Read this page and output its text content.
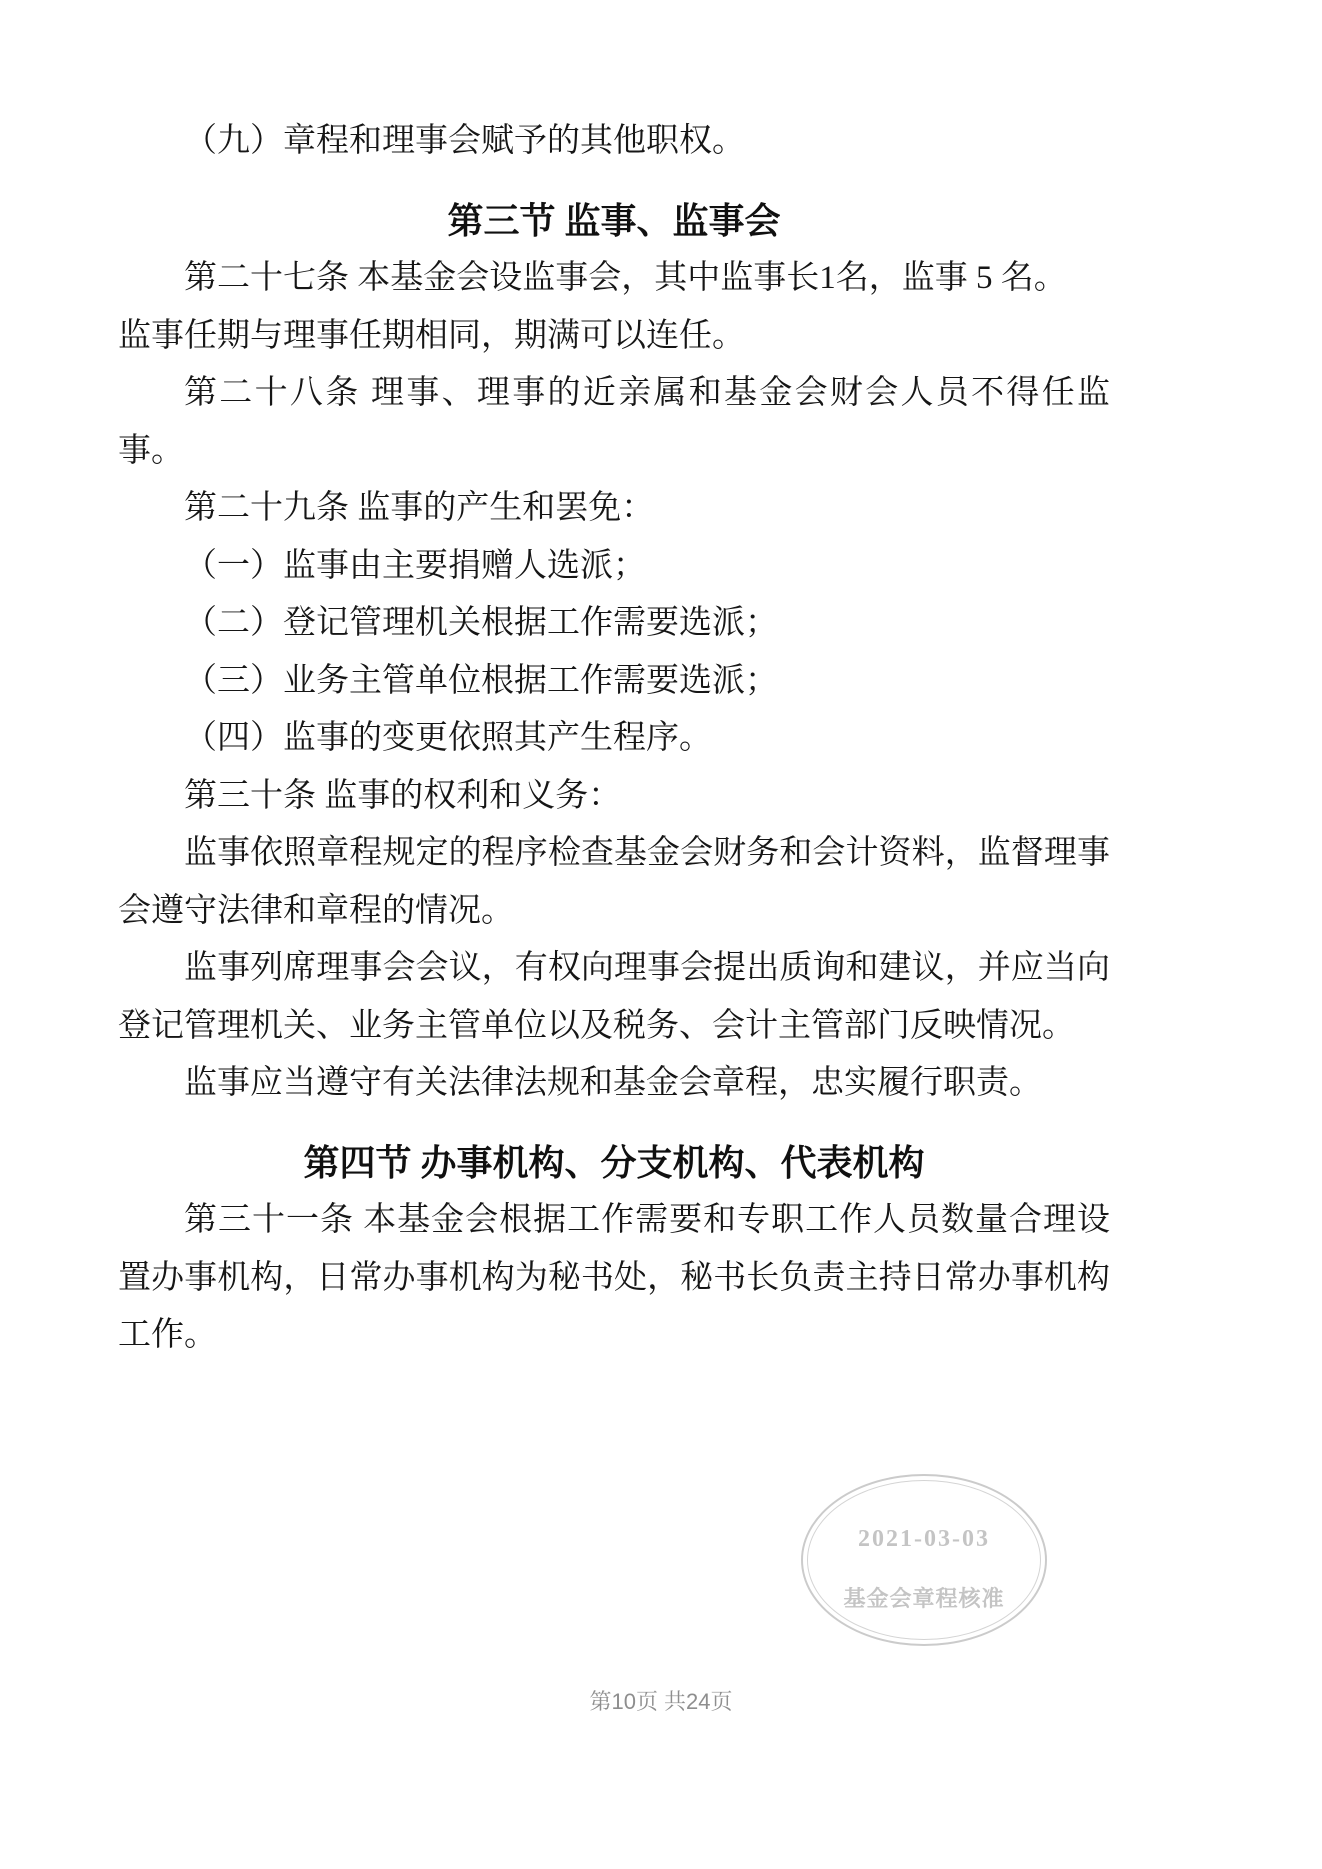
（九）章程和理事会赋予的其他职权。
第三节 监事、监事会
第二十七条 本基金会设监事会，其中监事长1名，监事 5 名。
监事任期与理事任期相同，期满可以连任。
第二十八条 理事、理事的近亲属和基金会财会人员不得任监
事。
第二十九条 监事的产生和罢免：
（一）监事由主要捐赠人选派；
（二）登记管理机关根据工作需要选派；
（三）业务主管单位根据工作需要选派；
（四）监事的变更依照其产生程序。
第三十条 监事的权利和义务：
监事依照章程规定的程序检查基金会财务和会计资料，监督理事
会遵守法律和章程的情况。
监事列席理事会会议，有权向理事会提出质询和建议，并应当向
登记管理机关、业务主管单位以及税务、会计主管部门反映情况。
监事应当遵守有关法律法规和基金会章程，忠实履行职责。
第四节 办事机构、分支机构、代表机构
第三十一条 本基金会根据工作需要和专职工作人员数量合理设
置办事机构，日常办事机构为秘书处，秘书长负责主持日常办事机构
工作。
2021-03-03
基金会章程核准
第10页 共24页
